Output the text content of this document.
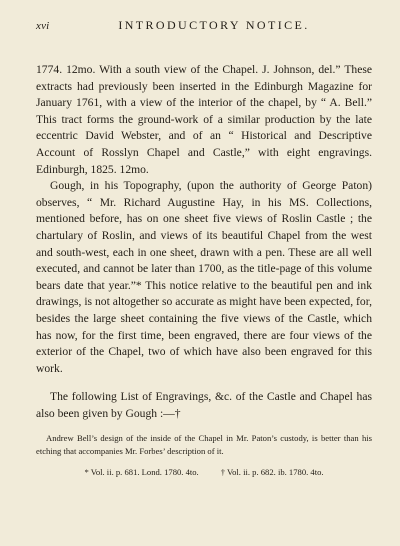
xvi	INTRODUCTORY NOTICE.

1774. 12mo. With a south view of the Chapel. J. Johnson, del.” These extracts had previously been inserted in the Edinburgh Magazine for January 1761, with a view of the interior of the chapel, by “ A. Bell.” This tract forms the ground-work of a similar production by the late eccentric David Webster, and of an “ Historical and Descriptive Account of Rosslyn Chapel and Castle,” with eight engravings. Edinburgh, 1825. 12mo.

Gough, in his Topography, (upon the authority of George Paton) observes, “ Mr. Richard Augustine Hay, in his MS. Collections, mentioned before, has on one sheet five views of Roslin Castle ; the chartulary of Roslin, and views of its beautiful Chapel from the west and south-west, each in one sheet, drawn with a pen. These are all well executed, and cannot be later than 1700, as the title-page of this volume bears date that year.”* This notice relative to the beautiful pen and ink drawings, is not altogether so accurate as might have been expected, for, besides the large sheet containing the five views of the Castle, which has now, for the first time, been engraved, there are four views of the exterior of the Chapel, two of which have also been engraved for this work.

The following List of Engravings, &c. of the Castle and Chapel has also been given by Gough :—†

Andrew Bell’s design of the inside of the Chapel in Mr. Paton’s custody, is better than his etching that accompanies Mr. Forbes’ description of it.

* Vol. ii. p. 681. Lond. 1780. 4to.	† Vol. ii. p. 682. ib. 1780. 4to.
